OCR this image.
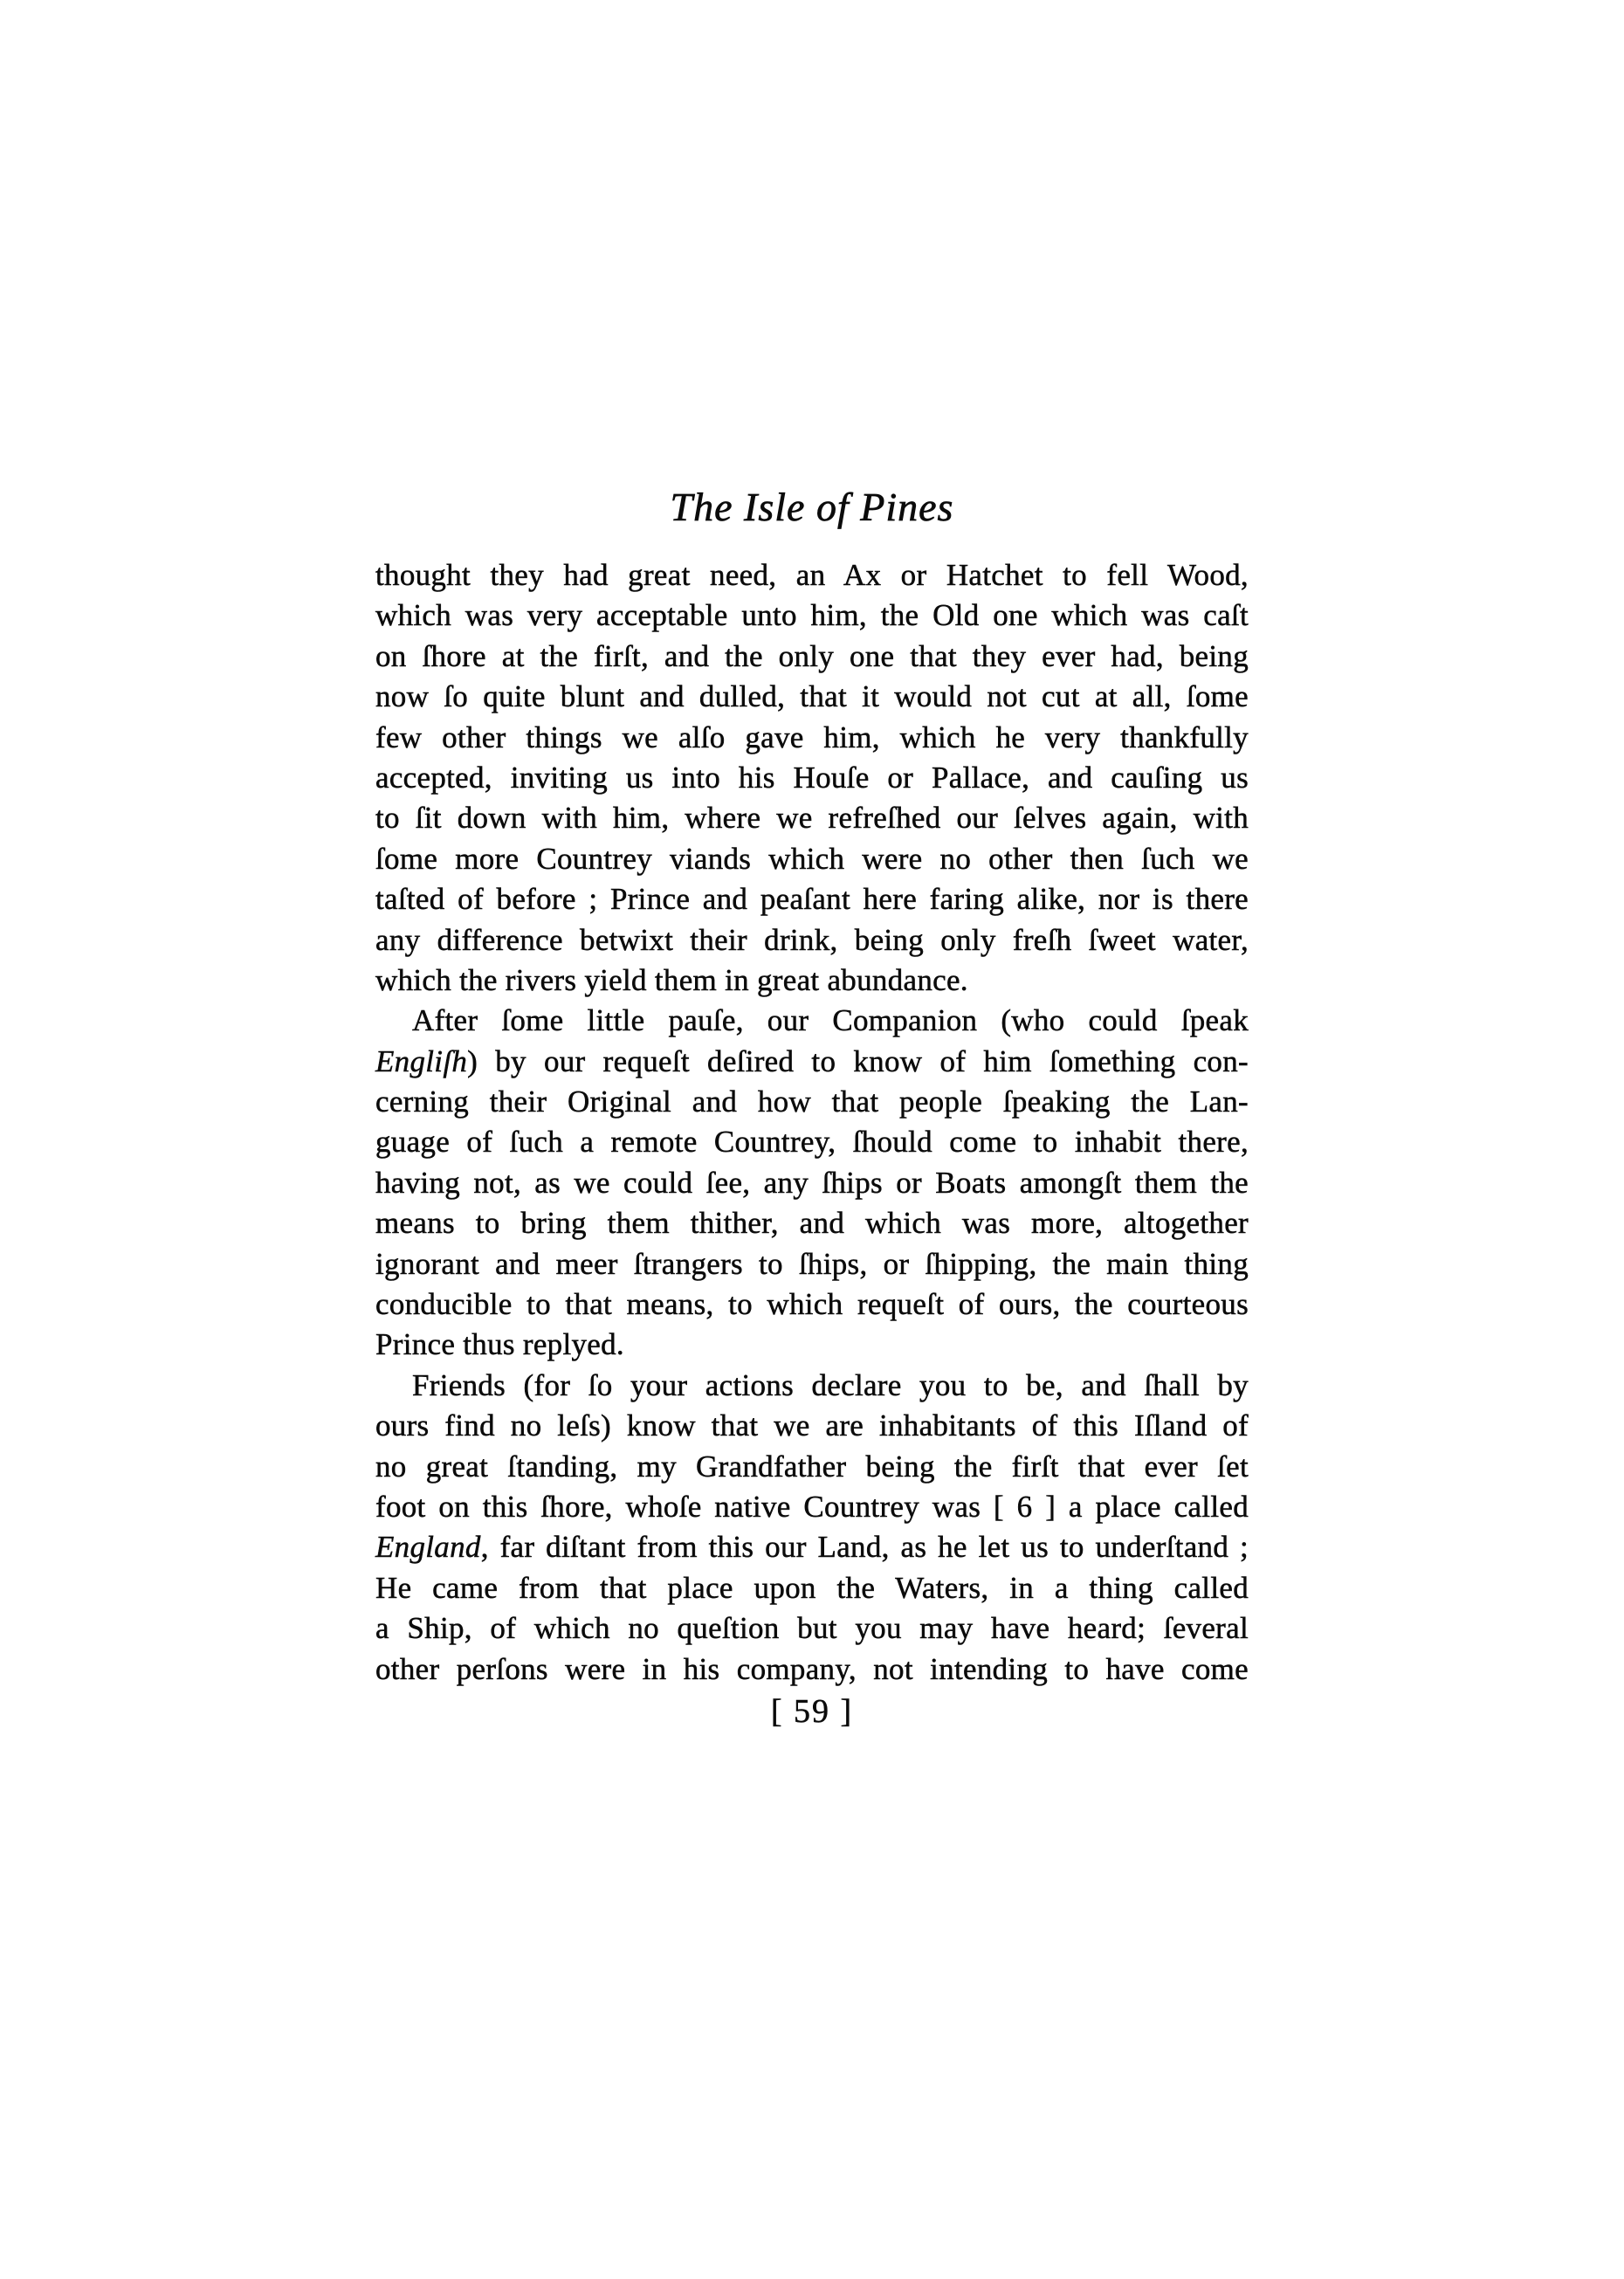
The Isle of Pines
thought they had great need, an Ax or Hatchet to fell Wood,
which was very acceptable unto him, the Old one which was caſt
on ſhore at the firſt, and the only one that they ever had, being
now ſo quite blunt and dulled, that it would not cut at all, ſome
few other things we alſo gave him, which he very thankfully
accepted, inviting us into his Houſe or Pallace, and cauſing us
to ſit down with him, where we refreſhed our ſelves again, with
ſome more Countrey viands which were no other then ſuch we
taſted of before ; Prince and peaſant here faring alike, nor is there
any difference betwixt their drink, being only freſh ſweet water,
which the rivers yield them in great abundance.
After ſome little pauſe, our Companion (who could ſpeak
Engliſh) by our requeſt deſired to know of him ſomething con-
cerning their Original and how that people ſpeaking the Lan-
guage of ſuch a remote Countrey, ſhould come to inhabit there,
having not, as we could ſee, any ſhips or Boats amongſt them the
means to bring them thither, and which was more, altogether
ignorant and meer ſtrangers to ſhips, or ſhipping, the main thing
conducible to that means, to which requeſt of ours, the courteous
Prince thus replyed.
Friends (for ſo your actions declare you to be, and ſhall by
ours find no leſs) know that we are inhabitants of this Iſland of
no great ſtanding, my Grandfather being the firſt that ever ſet
foot on this ſhore, whoſe native Countrey was [ 6 ] a place called
England, far diſtant from this our Land, as he let us to underſtand ;
He came from that place upon the Waters, in a thing called
a Ship, of which no queſtion but you may have heard; ſeveral
other perſons were in his company, not intending to have come
[ 59 ]
